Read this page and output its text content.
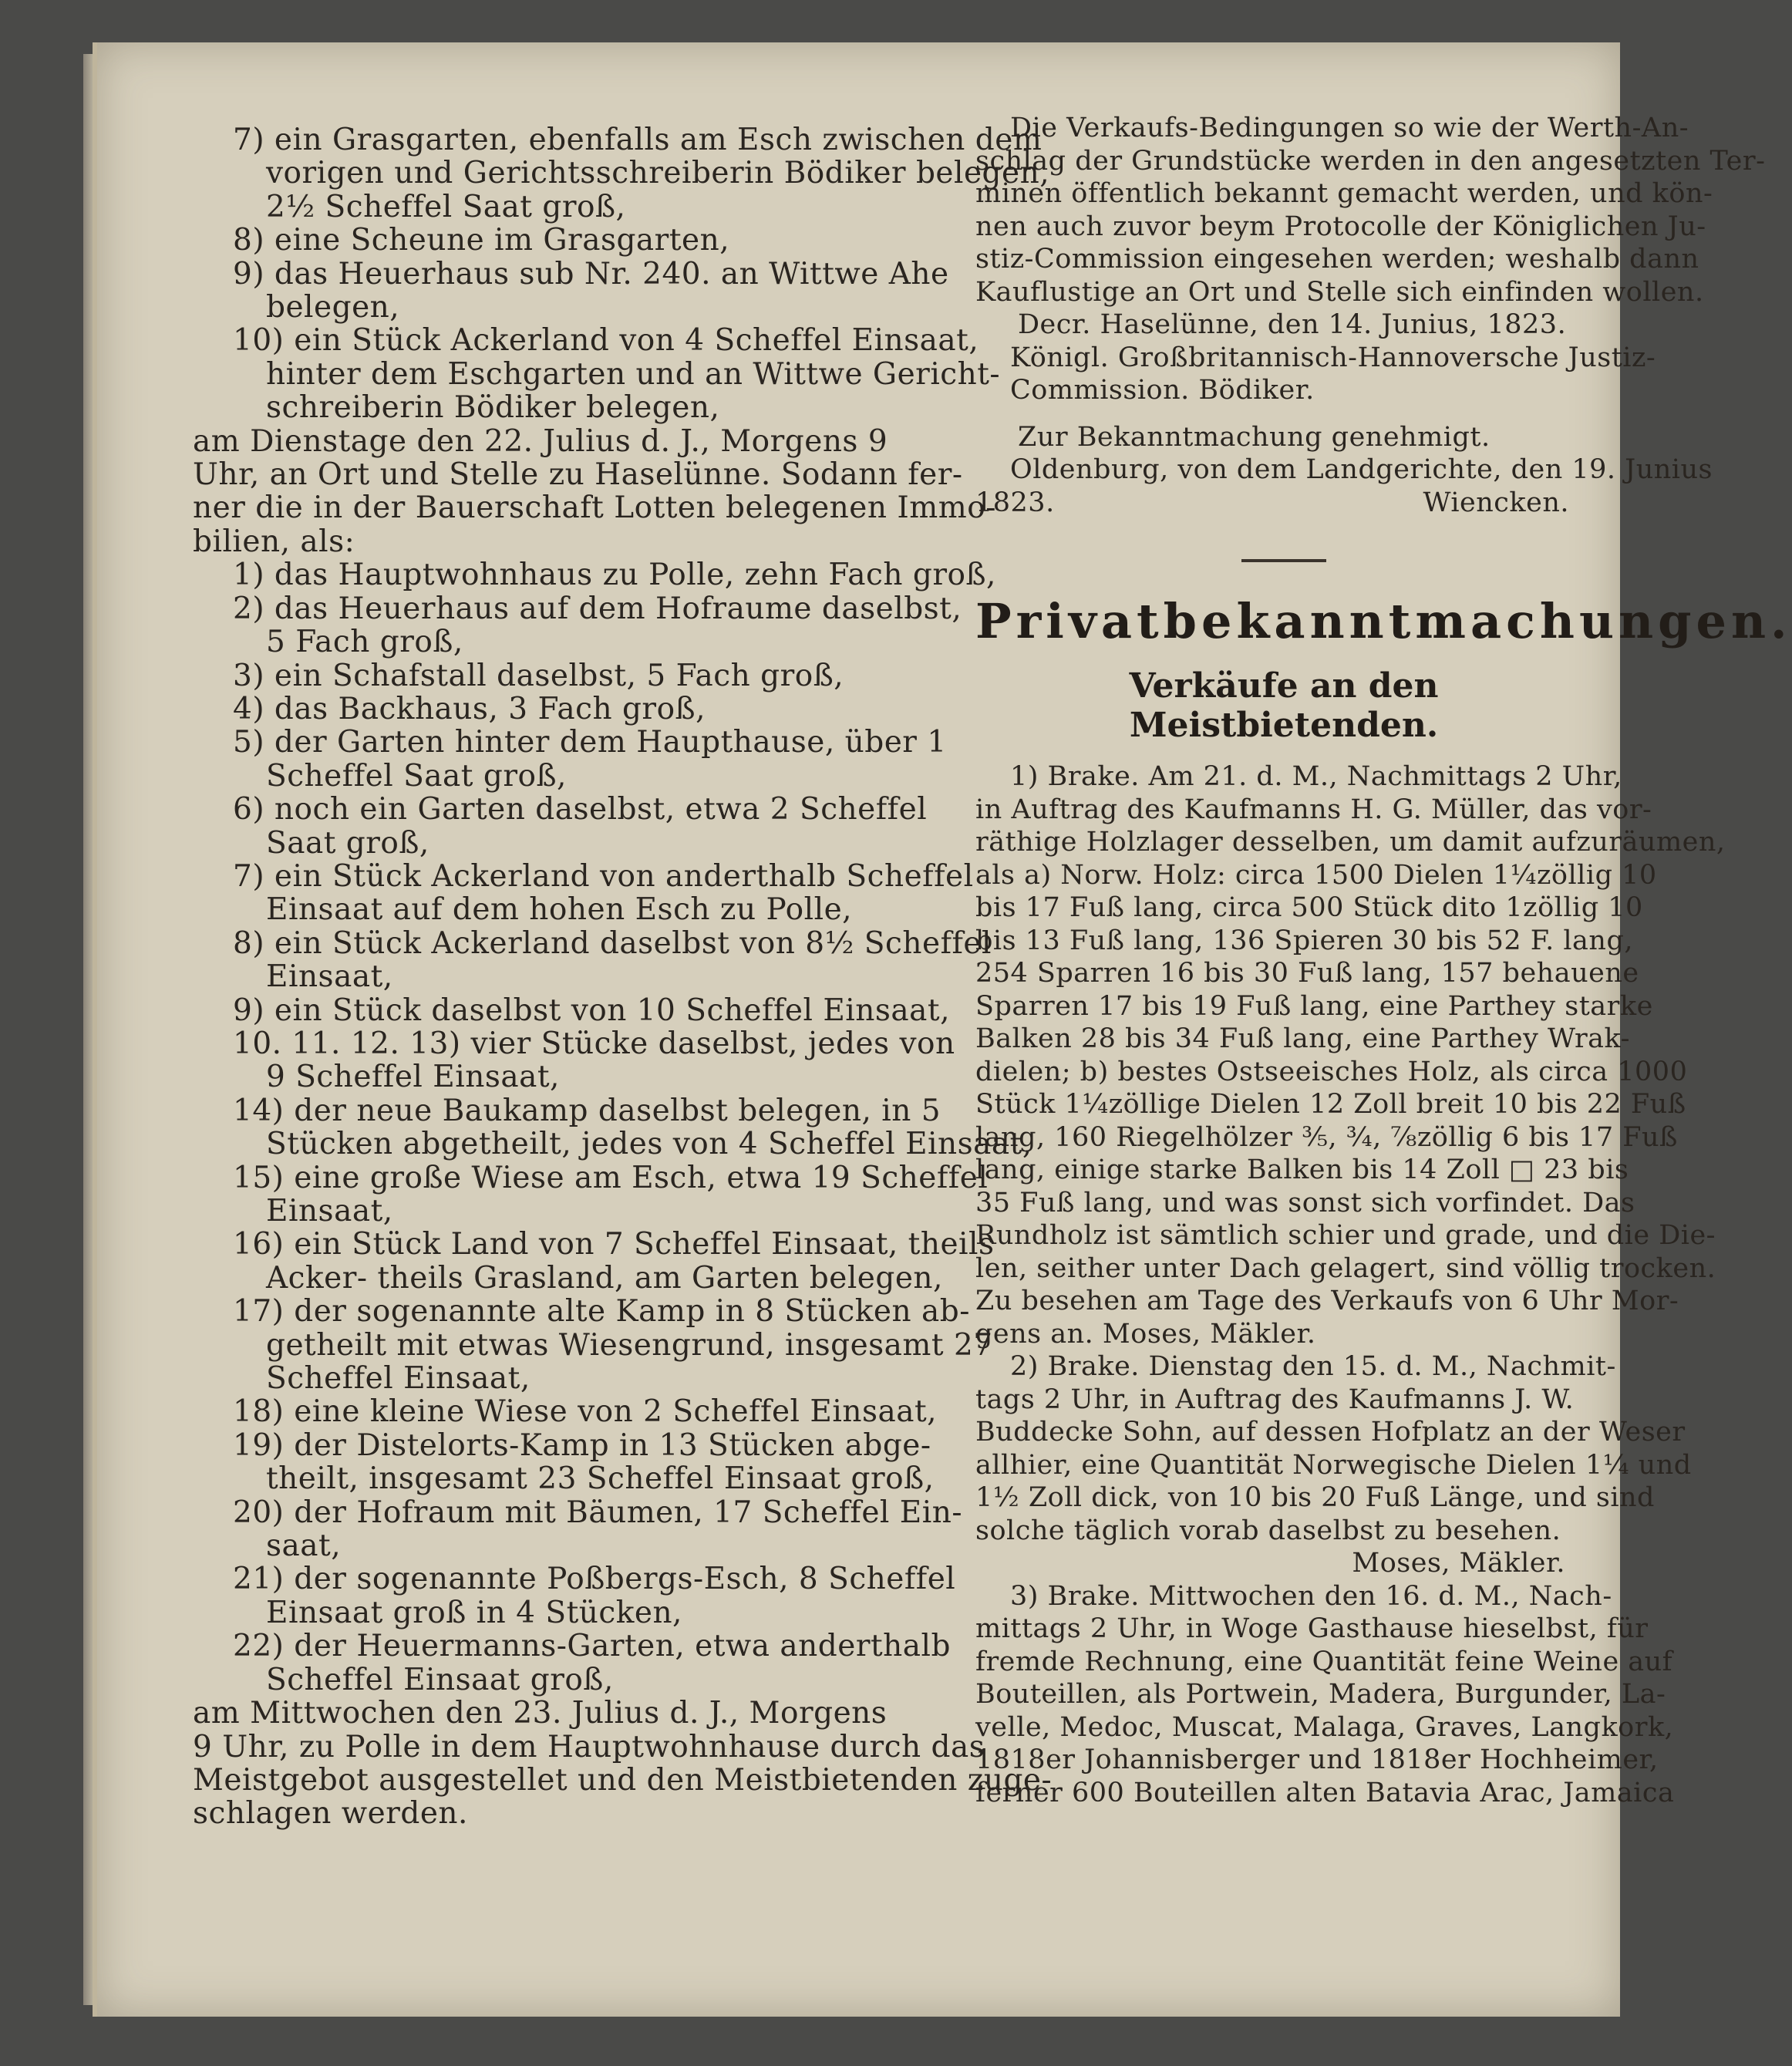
7) ein Grasgarten, ebenfalls am Esch zwischen dem
vorigen und Gerichtsschreiberin Bödiker belegen,
2½ Scheffel Saat groß,
8) eine Scheune im Grasgarten,
9) das Heuerhaus sub Nr. 240. an Wittwe Ahe
belegen,
10) ein Stück Ackerland von 4 Scheffel Einsaat,
hinter dem Eschgarten und an Wittwe Gericht-
schreiberin Bödiker belegen,
am Dienstage den 22. Julius d. J., Morgens 9
Uhr, an Ort und Stelle zu Haselünne. Sodann fer-
ner die in der Bauerschaft Lotten belegenen Immo-
bilien, als:
1) das Hauptwohnhaus zu Polle, zehn Fach groß,
2) das Heuerhaus auf dem Hofraume daselbst,
5 Fach groß,
3) ein Schafstall daselbst, 5 Fach groß,
4) das Backhaus, 3 Fach groß,
5) der Garten hinter dem Haupthause, über 1
Scheffel Saat groß,
6) noch ein Garten daselbst, etwa 2 Scheffel
Saat groß,
7) ein Stück Ackerland von anderthalb Scheffel
Einsaat auf dem hohen Esch zu Polle,
8) ein Stück Ackerland daselbst von 8½ Scheffel
Einsaat,
9) ein Stück daselbst von 10 Scheffel Einsaat,
10. 11. 12. 13) vier Stücke daselbst, jedes von
9 Scheffel Einsaat,
14) der neue Baukamp daselbst belegen, in 5
Stücken abgetheilt, jedes von 4 Scheffel Einsaat,
15) eine große Wiese am Esch, etwa 19 Scheffel
Einsaat,
16) ein Stück Land von 7 Scheffel Einsaat, theils
Acker- theils Grasland, am Garten belegen,
17) der sogenannte alte Kamp in 8 Stücken ab-
getheilt mit etwas Wiesengrund, insgesamt 27
Scheffel Einsaat,
18) eine kleine Wiese von 2 Scheffel Einsaat,
19) der Distelorts-Kamp in 13 Stücken abge-
theilt, insgesamt 23 Scheffel Einsaat groß,
20) der Hofraum mit Bäumen, 17 Scheffel Ein-
saat,
21) der sogenannte Poßbergs-Esch, 8 Scheffel
Einsaat groß in 4 Stücken,
22) der Heuermanns-Garten, etwa anderthalb
Scheffel Einsaat groß,
am Mittwochen den 23. Julius d. J., Morgens
9 Uhr, zu Polle in dem Hauptwohnhause durch das
Meistgebot ausgestellet und den Meistbietenden zuge-
schlagen werden.
Die Verkaufs-Bedingungen so wie der Werth-An-
schlag der Grundstücke werden in den angesetzten Ter-
minen öffentlich bekannt gemacht werden, und kön-
nen auch zuvor beym Protocolle der Königlichen Ju-
stiz-Commission eingesehen werden; weshalb dann
Kauflustige an Ort und Stelle sich einfinden wollen.
Decr. Haselünne, den 14. Junius, 1823.
Königl. Großbritannisch-Hannoversche Justiz-
Commission. Bödiker.
Zur Bekanntmachung genehmigt.
Oldenburg, von dem Landgerichte, den 19. Junius
1823.	Wiencken.
Privatbekanntmachungen.
Verkäufe an den Meistbietenden.
1) Brake. Am 21. d. M., Nachmittags 2 Uhr,
in Auftrag des Kaufmanns H. G. Müller, das vor-
räthige Holzlager desselben, um damit aufzuräumen,
als a) Norw. Holz: circa 1500 Dielen 1¼zöllig 10
bis 17 Fuß lang, circa 500 Stück dito 1zöllig 10
bis 13 Fuß lang, 136 Spieren 30 bis 52 F. lang,
254 Sparren 16 bis 30 Fuß lang, 157 behauene
Sparren 17 bis 19 Fuß lang, eine Parthey starke
Balken 28 bis 34 Fuß lang, eine Parthey Wrak-
dielen; b) bestes Ostseeisches Holz, als circa 1000
Stück 1¼zöllige Dielen 12 Zoll breit 10 bis 22 Fuß
lang, 160 Riegelhölzer ⅗, ¾, ⅞zöllig 6 bis 17 Fuß
lang, einige starke Balken bis 14 Zoll □ 23 bis
35 Fuß lang, und was sonst sich vorfindet. Das
Rundholz ist sämtlich schier und grade, und die Die-
len, seither unter Dach gelagert, sind völlig trocken.
Zu besehen am Tage des Verkaufs von 6 Uhr Mor-
gens an. Moses, Mäkler.
2) Brake. Dienstag den 15. d. M., Nachmit-
tags 2 Uhr, in Auftrag des Kaufmanns J. W.
Buddecke Sohn, auf dessen Hofplatz an der Weser
allhier, eine Quantität Norwegische Dielen 1¼ und
1½ Zoll dick, von 10 bis 20 Fuß Länge, und sind
solche täglich vorab daselbst zu besehen.
Moses, Mäkler.
3) Brake. Mittwochen den 16. d. M., Nach-
mittags 2 Uhr, in Woge Gasthause hieselbst, für
fremde Rechnung, eine Quantität feine Weine auf
Bouteillen, als Portwein, Madera, Burgunder, La-
velle, Medoc, Muscat, Malaga, Graves, Langkork,
1818er Johannisberger und 1818er Hochheimer,
ferner 600 Bouteillen alten Batavia Arac, Jamaica
